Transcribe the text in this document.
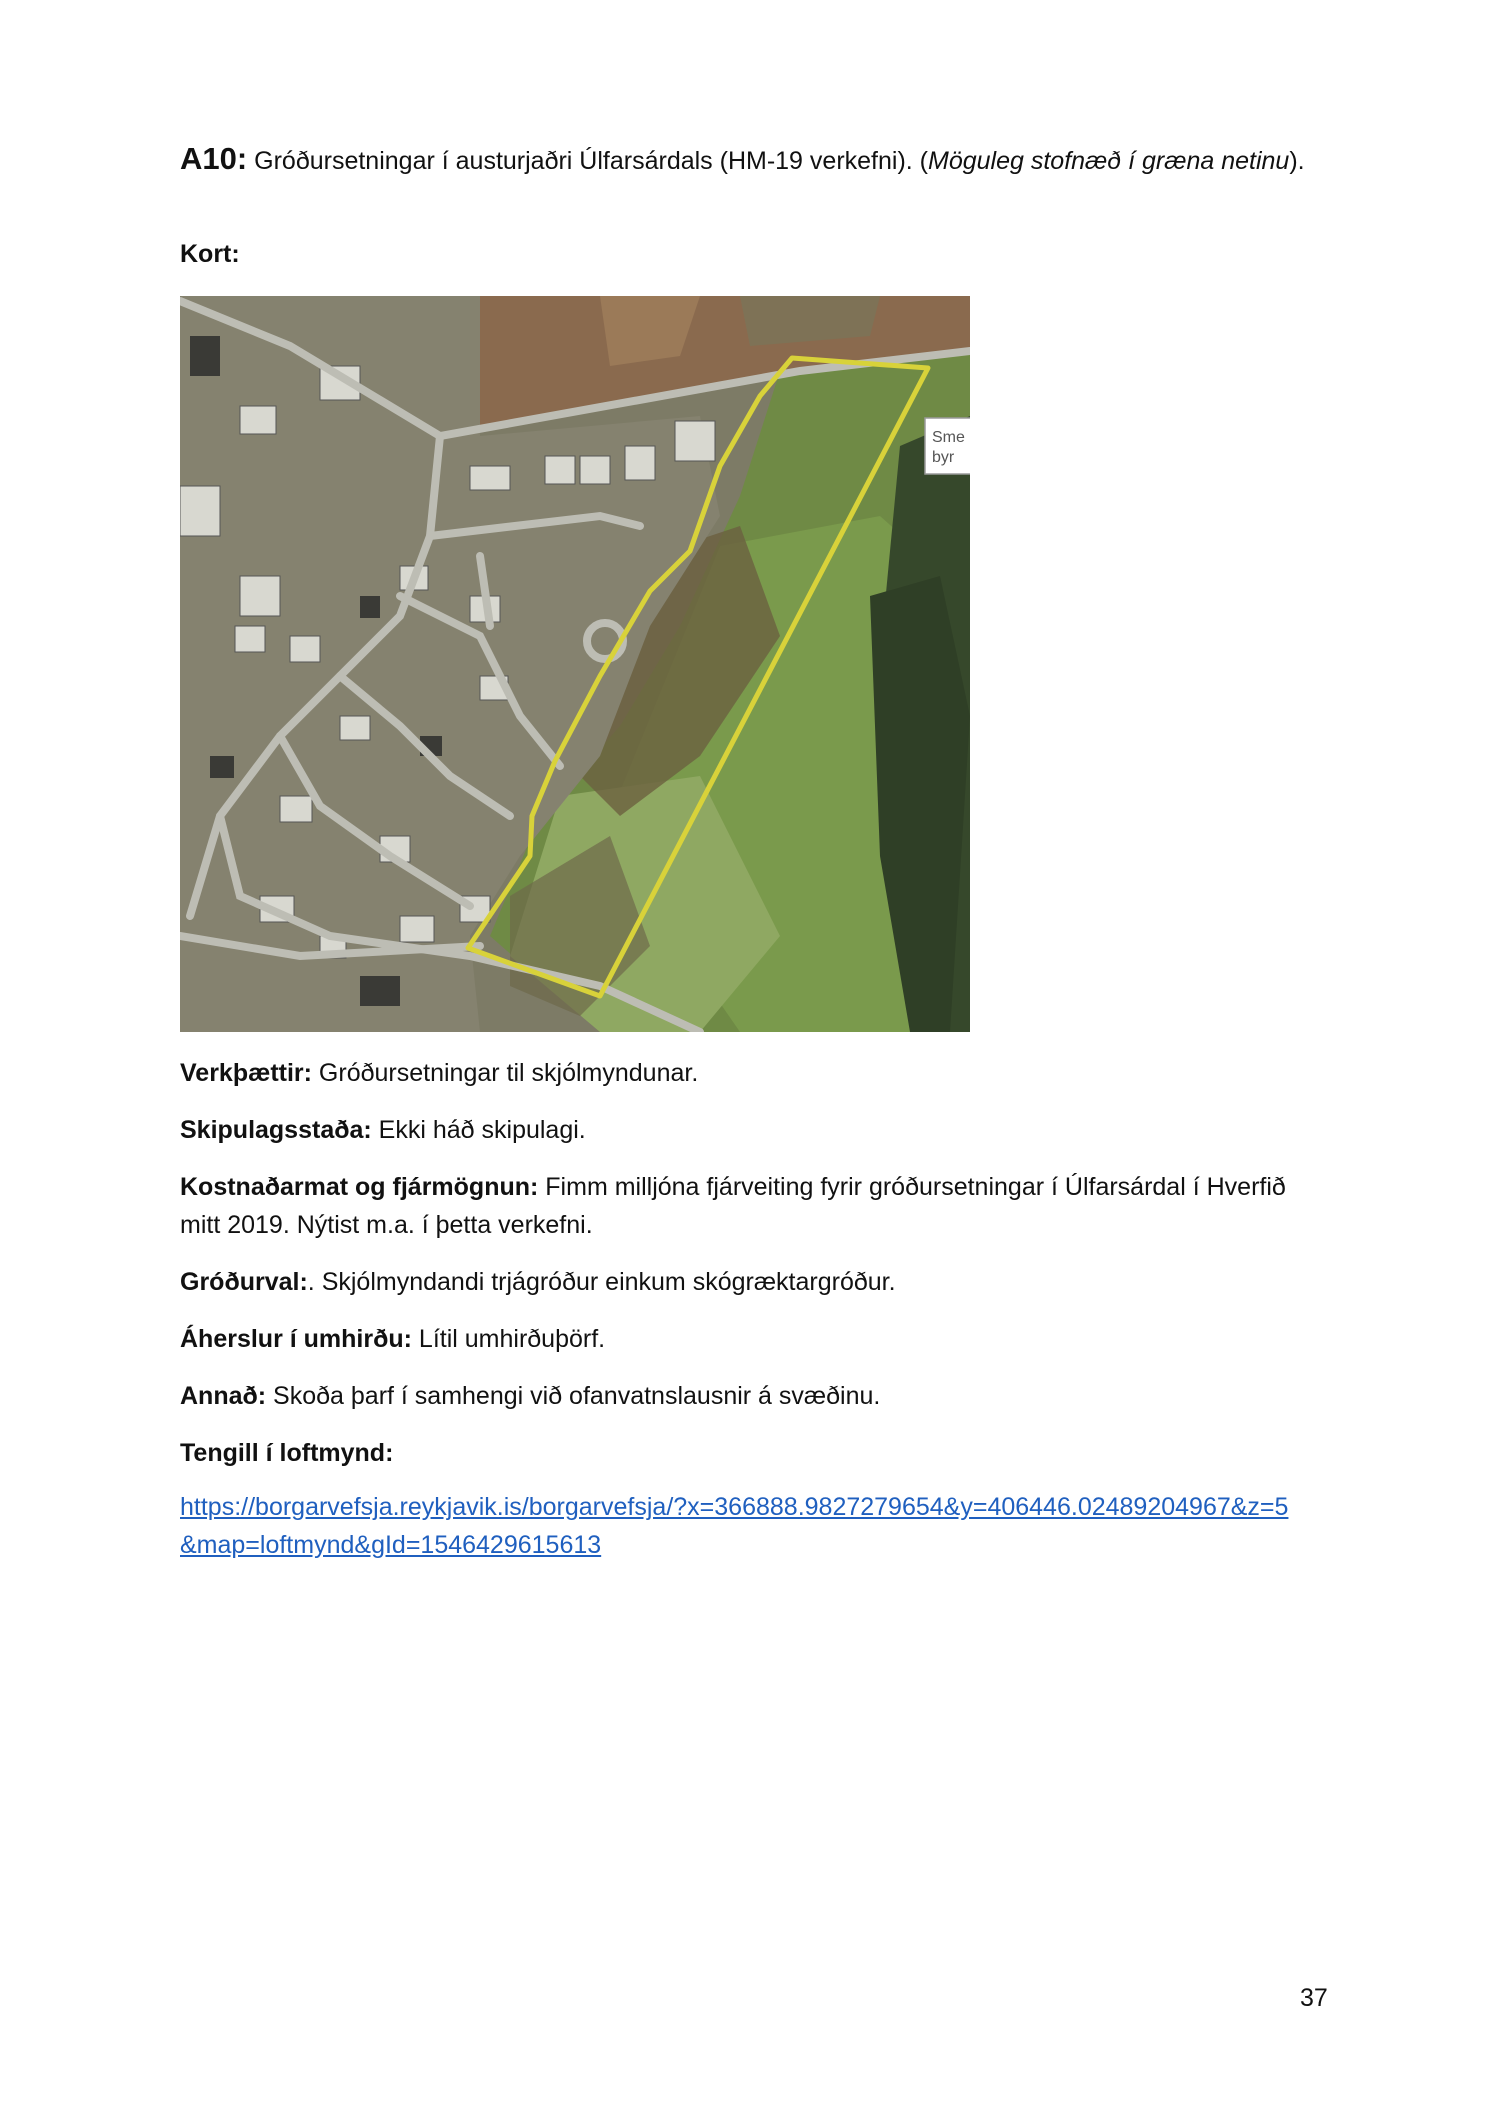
A10: Gróðursetningar í austurjaðri Úlfarsárdals (HM-19 verkefni). (Möguleg stofnæð í græna netinu).
Kort:
Sme
byr
Verkþættir: Gróðursetningar til skjólmyndunar.
Skipulagsstaða: Ekki háð skipulagi.
Kostnaðarmat og fjármögnun: Fimm milljóna fjárveiting fyrir gróðursetningar í Úlfarsárdal í Hverfið mitt 2019. Nýtist m.a. í þetta verkefni.
Gróðurval:. Skjólmyndandi trjágróður einkum skógræktargróður.
Áherslur í umhirðu: Lítil umhirðuþörf.
Annað: Skoða þarf í samhengi við ofanvatnslausnir á svæðinu.
Tengill í loftmynd:
https://borgarvefsja.reykjavik.is/borgarvefsja/?x=366888.9827279654&y=406446.02489204967&z=5
&map=loftmynd&gId=1546429615613
37
